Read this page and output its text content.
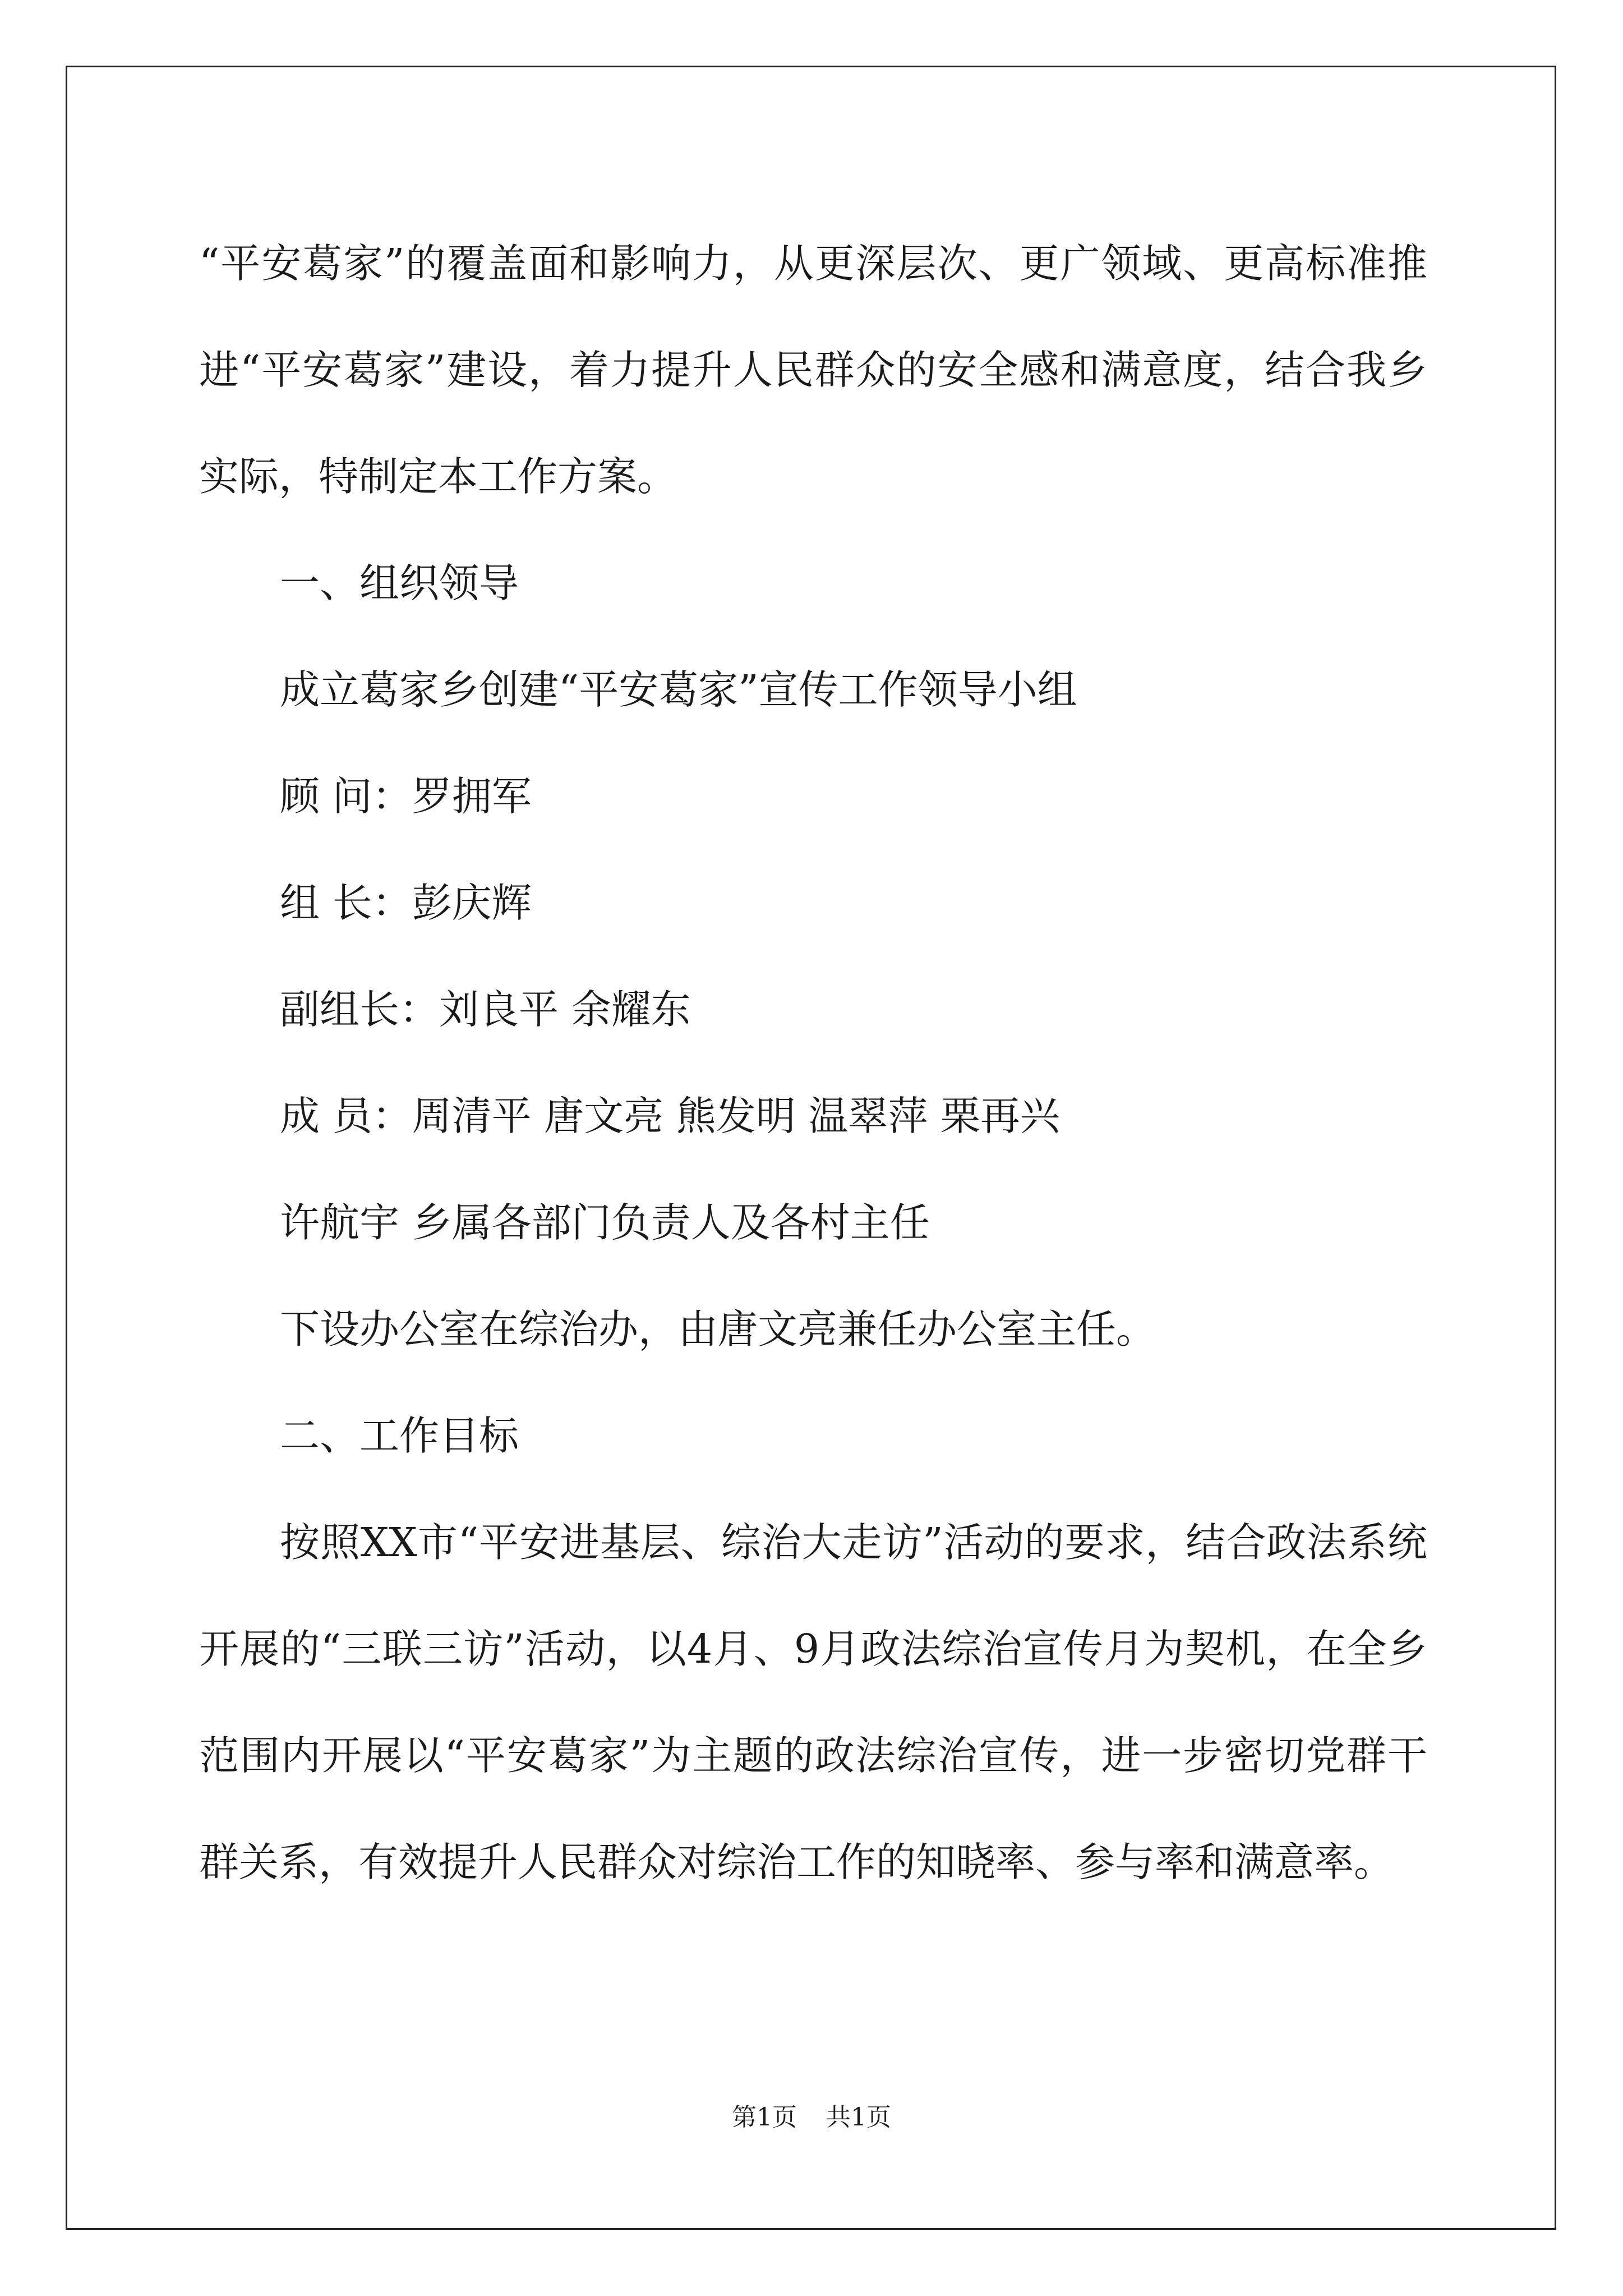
“平安葛家”的覆盖面和影响力，从更深层次、更广领域、更高标准推进“平安葛家”建设，着力提升人民群众的安全感和满意度，结合我乡实际，特制定本工作方案。

一、组织领导

成立葛家乡创建“平安葛家”宣传工作领导小组

顾 问：罗拥军

组 长：彭庆辉

副组长：刘良平 余耀东

成 员：周清平 唐文亮 熊发明 温翠萍 栗再兴

许航宇 乡属各部门负责人及各村主任

下设办公室在综治办，由唐文亮兼任办公室主任。

二、工作目标

按照XX市“平安进基层、综治大走访”活动的要求，结合政法系统开展的“三联三访”活动，以4月、9月政法综治宣传月为契机，在全乡范围内开展以“平安葛家”为主题的政法综治宣传，进一步密切党群干群关系，有效提升人民群众对综治工作的知晓率、参与率和满意率。

第1页 共1页
